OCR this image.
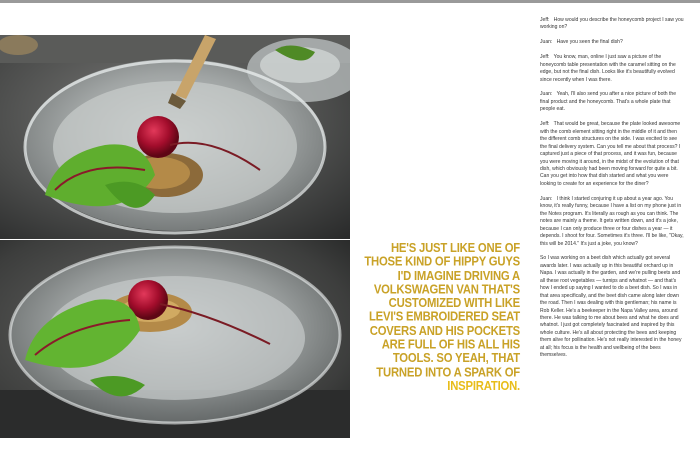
HE'S JUST LIKE ONE OF THOSE KIND OF HIPPY GUYS I'D IMAGINE DRIVING A VOLKSWAGEN VAN THAT'S CUSTOMIZED WITH LIKE LEVI'S EMBROIDERED SEAT COVERS AND HIS POCKETS ARE FULL OF HIS ALL HIS TOOLS. SO YEAH, THAT TURNED INTO A SPARK OF INSPIRATION.

Jeff: How would you describe the honeycomb project I saw you working on?

Juan: Have you seen the final dish?

Jeff: You know, man, online I just saw a picture of the honeycomb table presentation with the caramel sitting on the edge, but not the final dish. Looks like it's beautifully evolved since recently when I was there.

Juan: Yeah, I'll also send you after a nice picture of both the final product and the honeycomb. That's a whole plate that people eat.

Jeff: That would be great, because the plate looked awesome with the comb element sitting right in the middle of it and then the different comb structures on the side. I was excited to see the final delivery system. Can you tell me about that process? I captured just a piece of that process, and it was fun, because you were moving it around, in the midst of the evolution of that dish, which obviously had been moving forward for quite a bit. Can you get into how that dish started and what you were looking to create for an experience for the diner?

Juan: I think I started conjuring it up about a year ago. You know, it's really funny, because I have a list on my phone just in the Notes program. It's literally as rough as you can think. The notes are mainly a theme. It gets written down, and it's a joke, because I can only produce three or four dishes a year — it depends. I shoot for four. Sometimes it's three. I'll be like, "Okay, this will be 2014." It's just a joke, you know?

So I was working on a beet dish which actually got several awards later. I was actually up in this beautiful orchard up in Napa. I was actually in the garden, and we're pulling beets and all these root vegetables — turnips and whatnot — and that's how I ended up saying I wanted to do a beet dish. So I was in that area specifically, and the beet dish came along later down the road. Then I was dealing with this gentleman; his name is Rob Keller. He's a beekeeper in the Napa Valley area, around there. He was talking to me about bees and what he does and whatnot. I just got completely fascinated and inspired by this whole culture. He's all about protecting the bees and keeping them alive for pollination. He's not really interested in the honey at all; his focus is the health and wellbeing of the bees themselves.
